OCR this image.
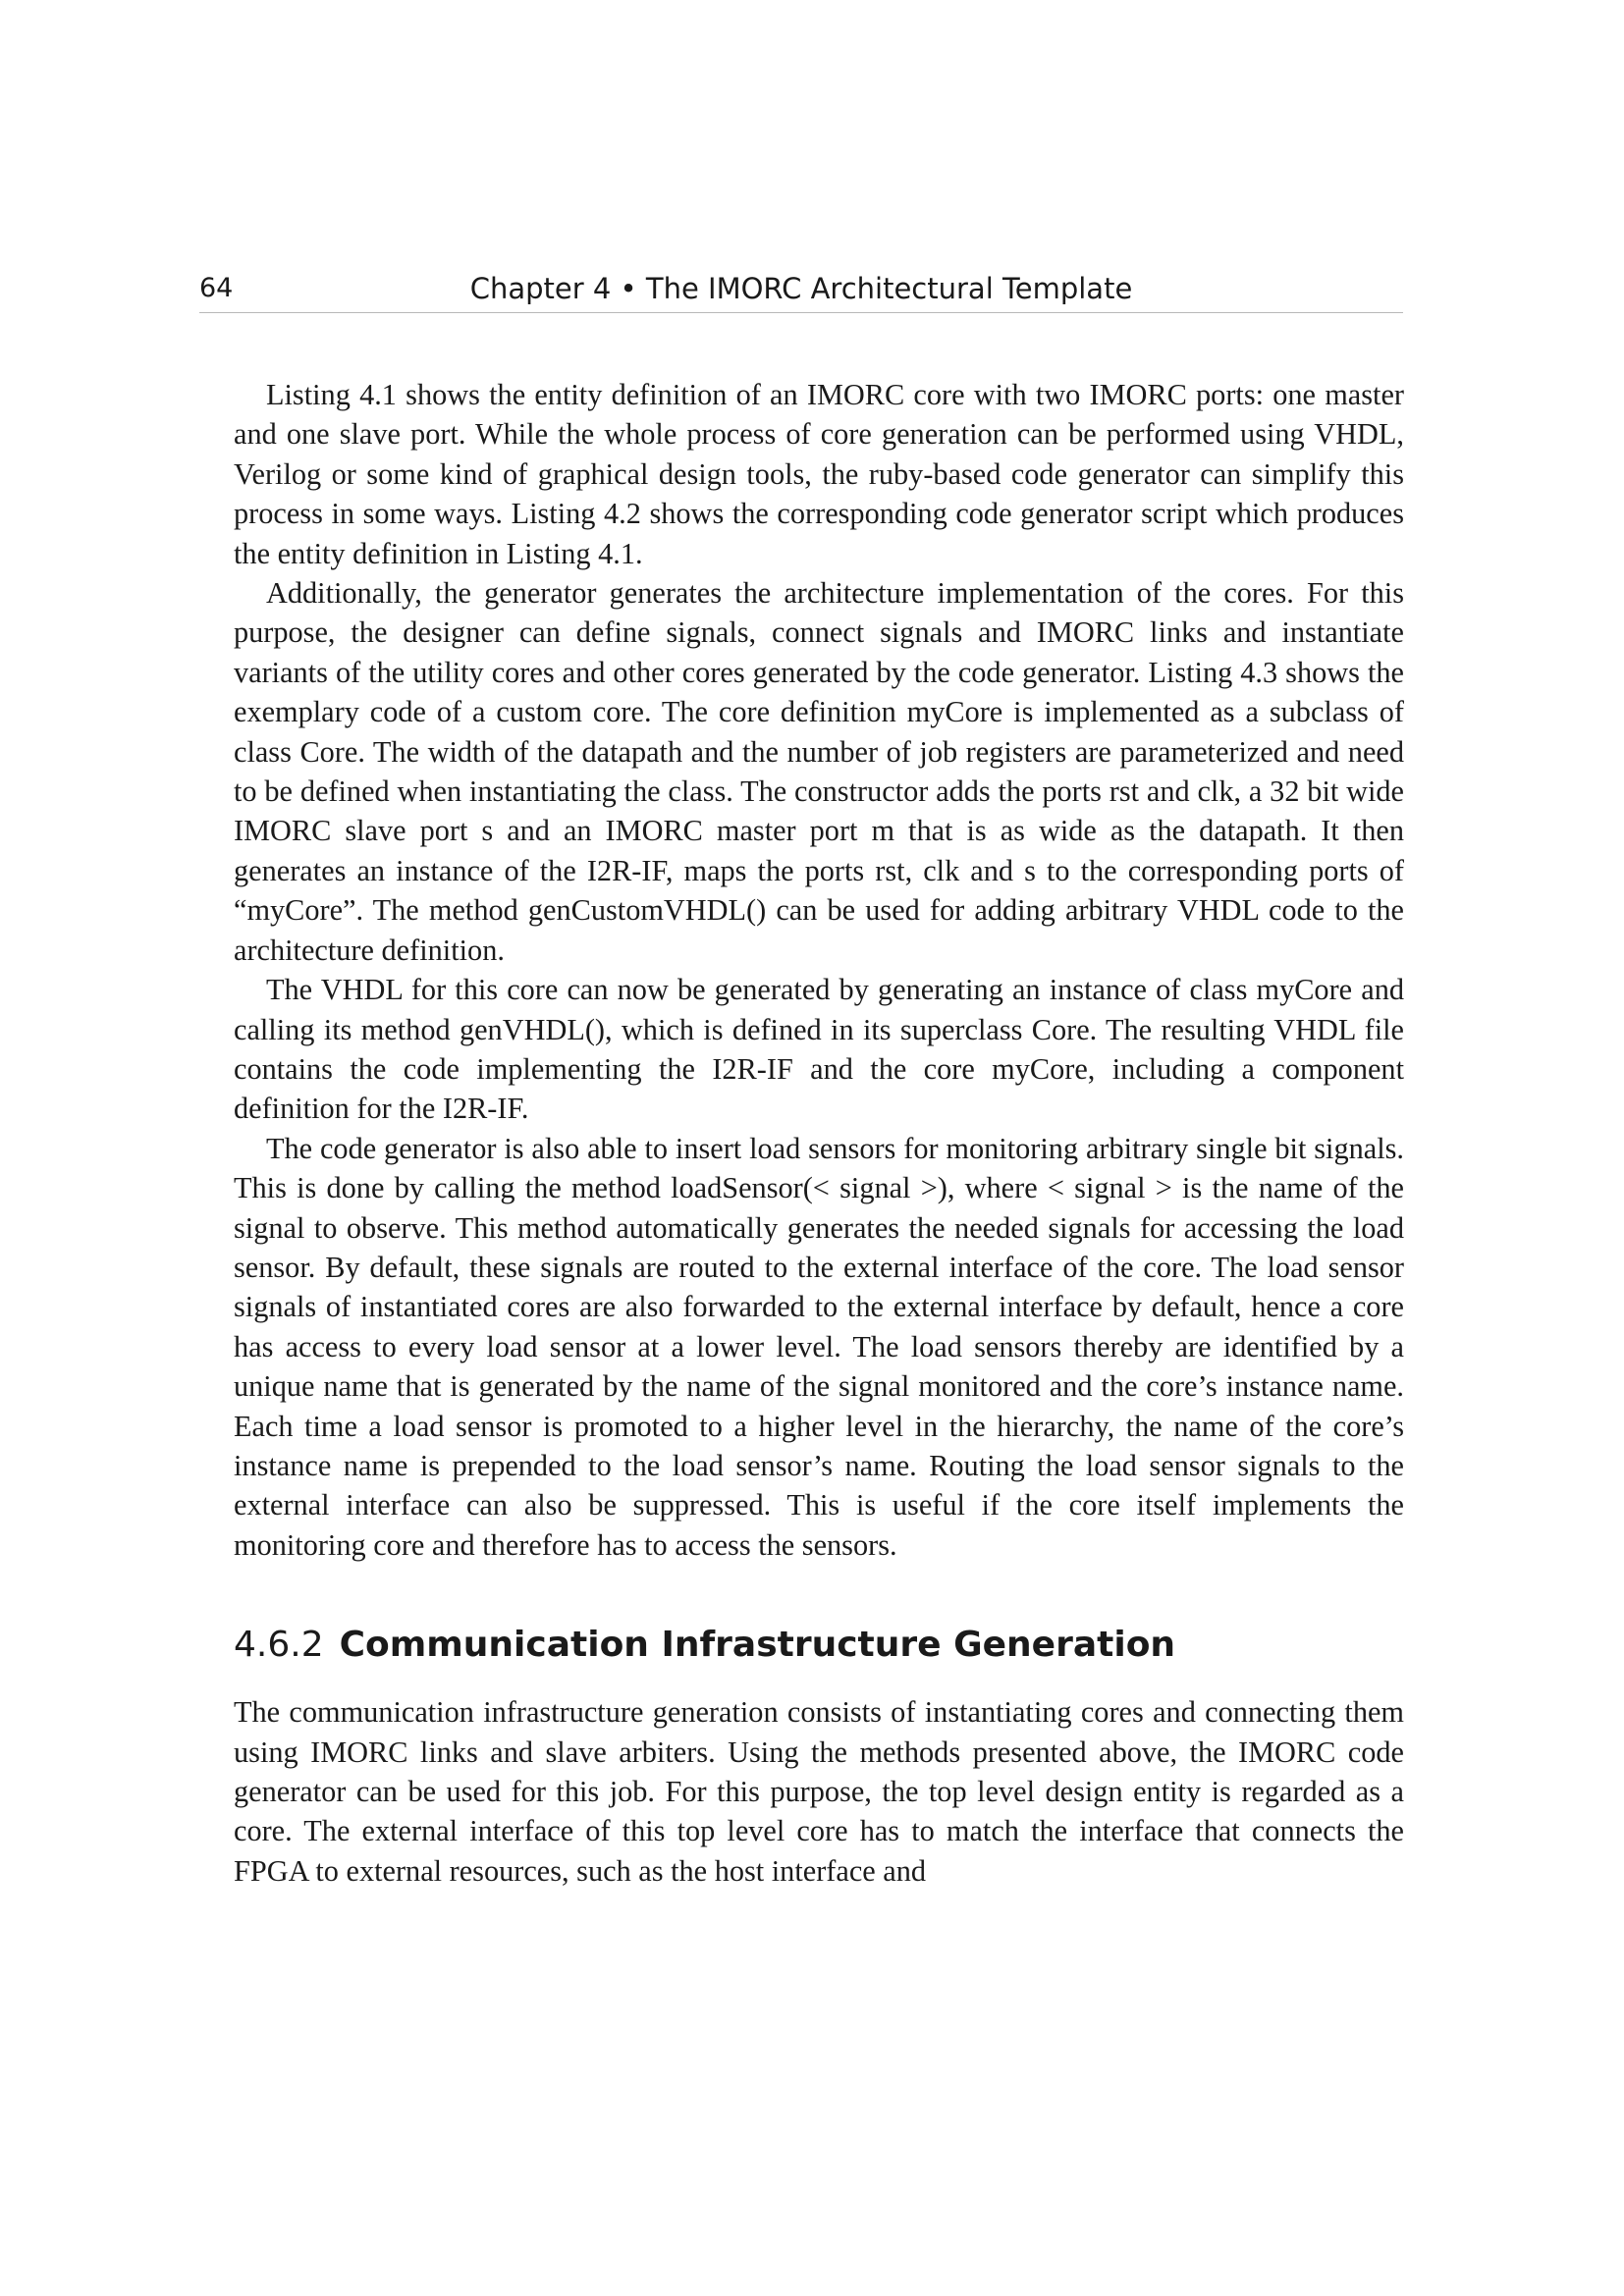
64	Chapter 4 • The IMORC Architectural Template

Listing 4.1 shows the entity definition of an IMORC core with two IMORC ports: one master and one slave port. While the whole process of core generation can be performed using VHDL, Verilog or some kind of graphical design tools, the ruby-based code generator can simplify this process in some ways. Listing 4.2 shows the corresponding code generator script which produces the entity definition in Listing 4.1.

Additionally, the generator generates the architecture implementation of the cores. For this purpose, the designer can define signals, connect signals and IMORC links and instantiate variants of the utility cores and other cores generated by the code generator. Listing 4.3 shows the exemplary code of a custom core. The core definition myCore is implemented as a subclass of class Core. The width of the datapath and the number of job registers are parameterized and need to be defined when instantiating the class. The constructor adds the ports rst and clk, a 32 bit wide IMORC slave port s and an IMORC master port m that is as wide as the datapath. It then generates an instance of the I2R-IF, maps the ports rst, clk and s to the corresponding ports of “myCore”. The method genCustomVHDL() can be used for adding arbitrary VHDL code to the architecture definition.

The VHDL for this core can now be generated by generating an instance of class myCore and calling its method genVHDL(), which is defined in its superclass Core. The resulting VHDL file contains the code implementing the I2R-IF and the core myCore, including a component definition for the I2R-IF.

The code generator is also able to insert load sensors for monitoring arbitrary single bit signals. This is done by calling the method loadSensor(< signal >), where < signal > is the name of the signal to observe. This method automatically generates the needed signals for accessing the load sensor. By default, these signals are routed to the external interface of the core. The load sensor signals of instantiated cores are also forwarded to the external interface by default, hence a core has access to every load sensor at a lower level. The load sensors thereby are identified by a unique name that is generated by the name of the signal monitored and the core’s instance name. Each time a load sensor is promoted to a higher level in the hierarchy, the name of the core’s instance name is prepended to the load sensor’s name. Routing the load sensor signals to the external interface can also be suppressed. This is useful if the core itself implements the monitoring core and therefore has to access the sensors.

4.6.2 Communication Infrastructure Generation

The communication infrastructure generation consists of instantiating cores and connecting them using IMORC links and slave arbiters. Using the methods presented above, the IMORC code generator can be used for this job. For this purpose, the top level design entity is regarded as a core. The external interface of this top level core has to match the interface that connects the FPGA to external resources, such as the host interface and
